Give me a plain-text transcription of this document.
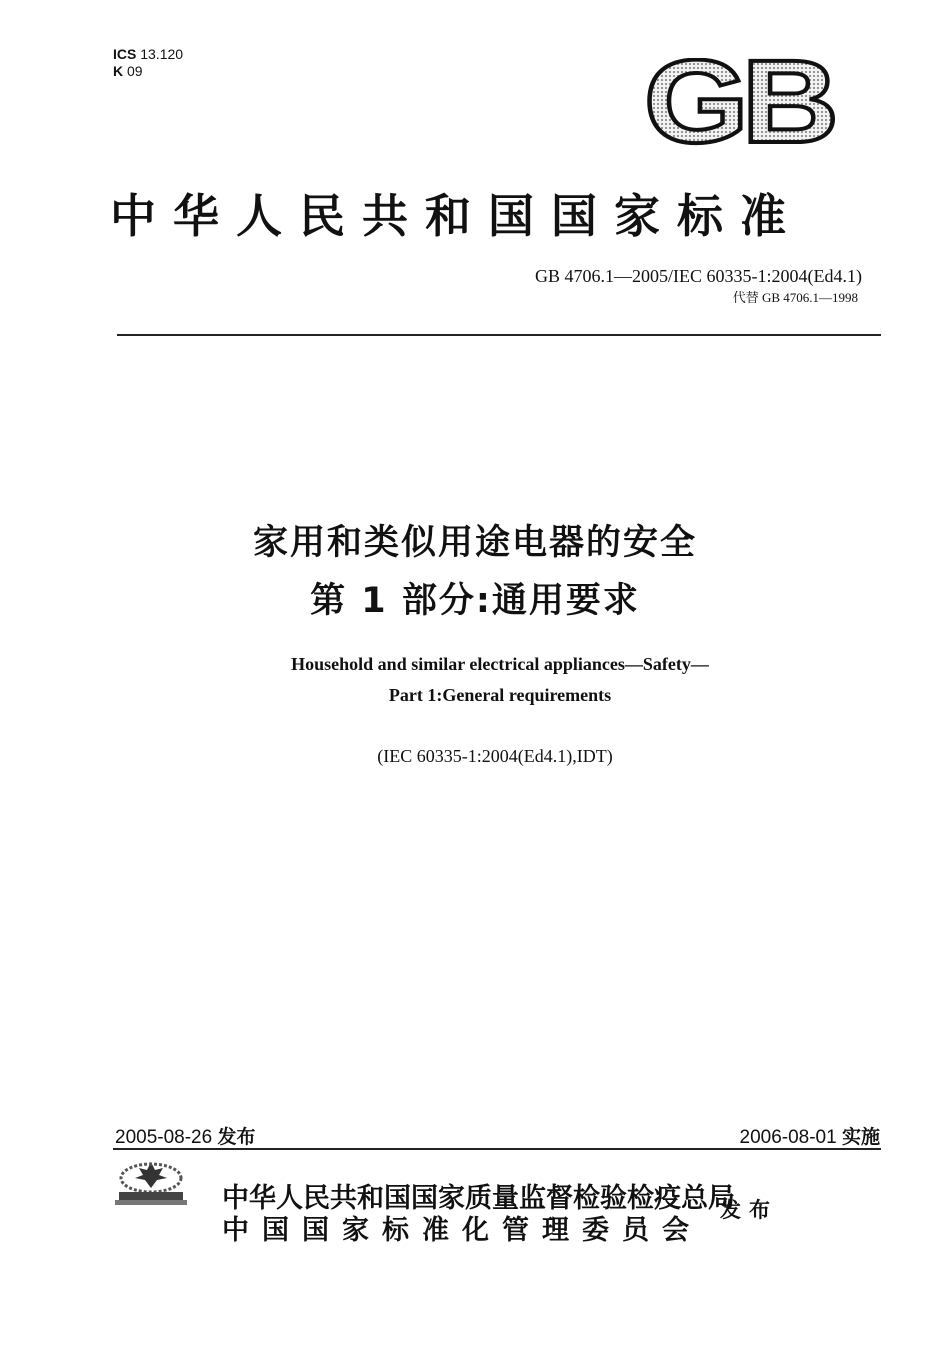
ICS 13.120
K 09	GB
中华人民共和国国家标准
GB 4706.1—2005/IEC 60335-1:2004(Ed4.1)
代替 GB 4706.1—1998
家用和类似用途电器的安全
第 1 部分:通用要求
Household and similar electrical appliances—Safety—
Part 1:General requirements
(IEC 60335-1:2004(Ed4.1),IDT)
2005-08-26 发布	2006-08-01 实施
中华人民共和国国家质量监督检验检疫总局
中国国家标准化管理委员会
发布
